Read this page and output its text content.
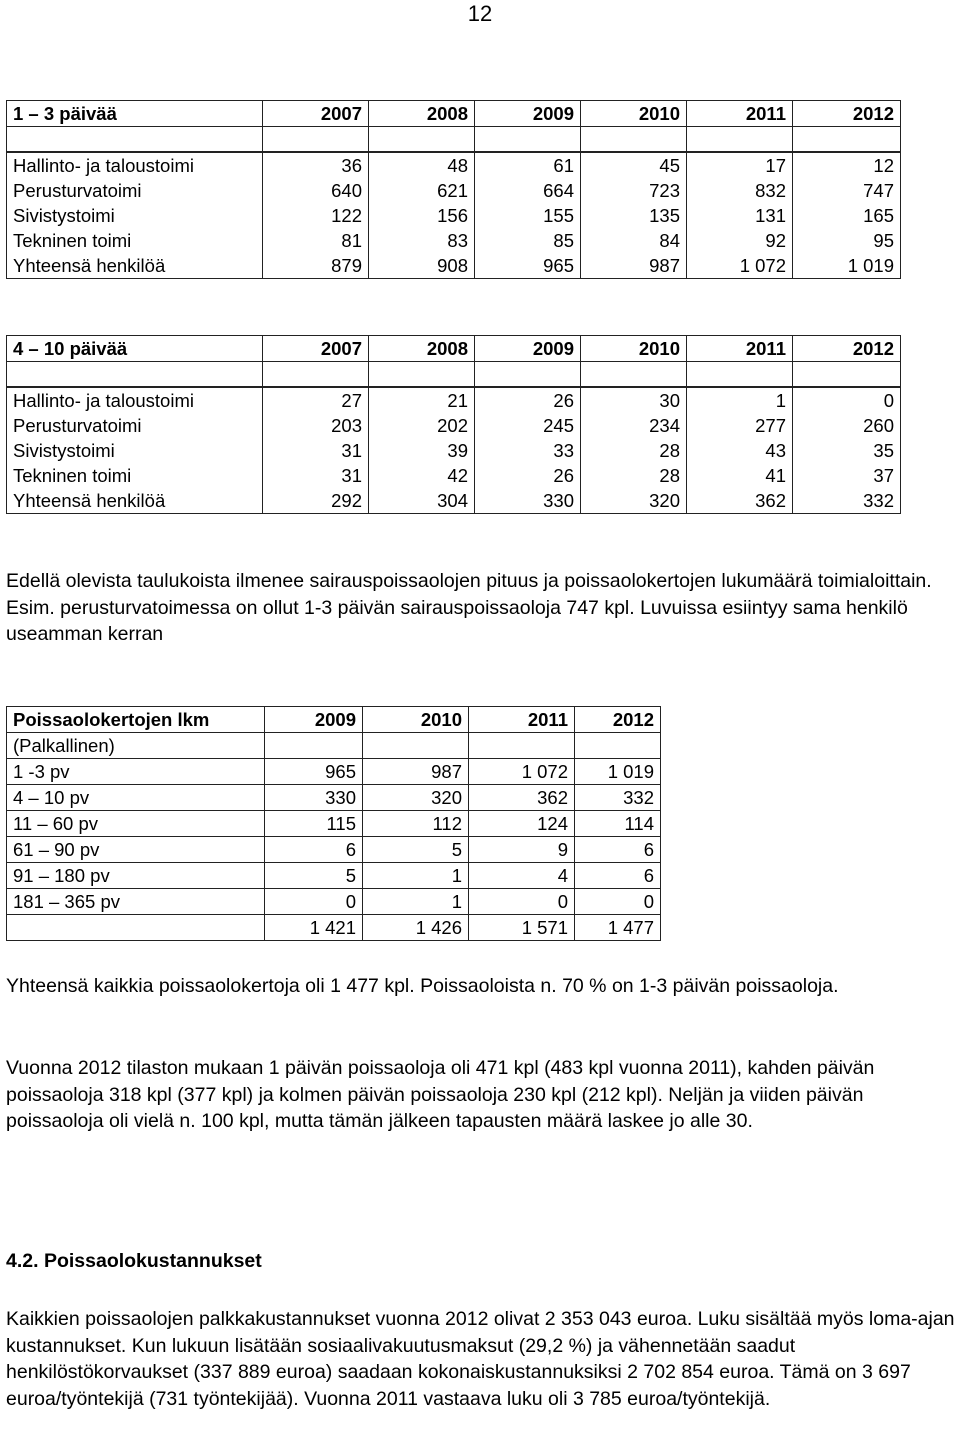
12
1 – 3 päivää	2007	2008	2009	2010	2011	2012

Hallinto- ja taloustoimi	36	48	61	45	17	12
Perusturvatoimi	640	621	664	723	832	747
Sivistystoimi	122	156	155	135	131	165
Tekninen toimi	81	83	85	84	92	95
Yhteensä henkilöä	879	908	965	987	1 072	1 019
4 – 10 päivää	2007	2008	2009	2010	2011	2012

Hallinto- ja taloustoimi	27	21	26	30	1	0
Perusturvatoimi	203	202	245	234	277	260
Sivistystoimi	31	39	33	28	43	35
Tekninen toimi	31	42	26	28	41	37
Yhteensä henkilöä	292	304	330	320	362	332

Edellä olevista taulukoista ilmenee sairauspoissaolojen pituus ja poissaolokertojen lukumäärä toimialoittain. Esim. perusturvatoimessa on ollut 1-3 päivän sairauspoissaoloja 747 kpl. Luvuissa esiintyy sama henkilö useamman kerran

Poissaolokertojen lkm	2009	2010	2011	2012
(Palkallinen)				
1 -3 pv	965	987	1 072	1 019
4 – 10 pv	330	320	362	332
11 – 60 pv	115	112	124	114
61 – 90 pv	6	5	9	6
91 – 180 pv	5	1	4	6
181 – 365 pv	0	1	0	0
	1 421	1 426	1 571	1 477

Yhteensä kaikkia poissaolokertoja oli 1 477 kpl. Poissaoloista n. 70 % on 1-3 päivän poissaoloja.

Vuonna 2012 tilaston mukaan 1 päivän poissaoloja oli 471 kpl (483 kpl vuonna 2011), kahden päivän poissaoloja 318 kpl (377 kpl) ja kolmen päivän poissaoloja 230 kpl (212 kpl). Neljän ja viiden päivän poissaoloja oli vielä n. 100 kpl, mutta tämän jälkeen tapausten määrä laskee jo alle 30.

4.2. Poissaolokustannukset

Kaikkien poissaolojen palkkakustannukset vuonna 2012 olivat 2 353 043 euroa. Luku sisältää myös loma-ajan kustannukset. Kun lukuun lisätään sosiaalivakuutusmaksut (29,2 %) ja vähennetään saadut henkilöstökorvaukset (337 889 euroa) saadaan kokonaiskustannuksiksi 2 702 854 euroa. Tämä on 3 697 euroa/työntekijä (731 työntekijää). Vuonna 2011 vastaava luku oli 3 785 euroa/työntekijä.
